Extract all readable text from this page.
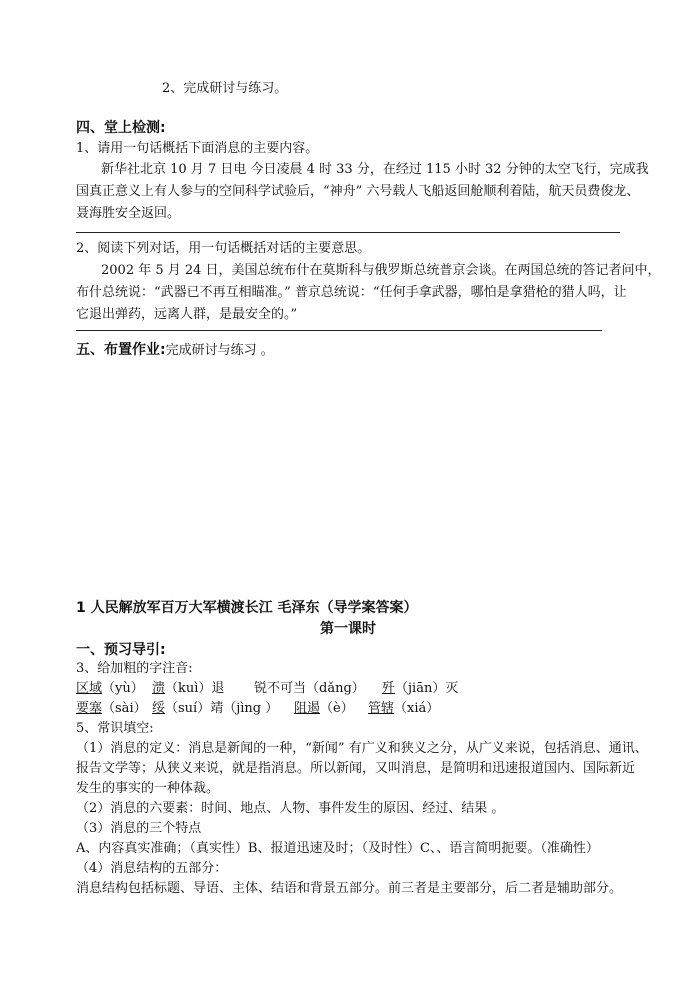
2、完成研讨与练习。
四、堂上检测:
1、请用一句话概括下面消息的主要内容。
新华社北京 10 月 7 日电 今日凌晨 4 时 33 分，在经过 115 小时 32 分钟的太空飞行，完成我
国真正意义上有人参与的空间科学试验后，“神舟” 六号载人飞船返回舱顺利着陆，航天员费俊龙、
聂海胜安全返回。
2、阅读下列对话，用一句话概括对话的主要意思。
2002 年 5 月 24 日，美国总统布什在莫斯科与俄罗斯总统普京会谈。在两国总统的答记者问中，
布什总统说：“武器已不再互相瞄准。” 普京总统说：“任何手拿武器，哪怕是拿猎枪的猎人吗，让
它退出弹药，远离人群，是最安全的。”
五、布置作业:完成研讨与练习 。
1 人民解放军百万大军横渡长江 毛泽东（导学案答案）
第一课时
一、预习导引:
3、给加粗的字注音:
区域（yù） 溃（kuì）退 锐不可当（dǎng） 歼（jiān）灭
要塞（sài） 绥（suí）靖（jìng ） 阻遏（è） 管辖（xiá）
5、常识填空:
（1）消息的定义：消息是新闻的一种，“新闻” 有广义和狭义之分，从广义来说，包括消息、通讯、
报告文学等；从狭义来说，就是指消息。所以新闻，又叫消息，是简明和迅速报道国内、国际新近
发生的事实的一种体裁。
（2）消息的六要素：时间、地点、人物、事件发生的原因、经过、结果 。
（3）消息的三个特点
A、内容真实准确；（真实性）B、报道迅速及时；（及时性）C、、语言简明扼要。（准确性）
（4）消息结构的五部分：
消息结构包括标题、导语、主体、结语和背景五部分。前三者是主要部分，后二者是辅助部分。
